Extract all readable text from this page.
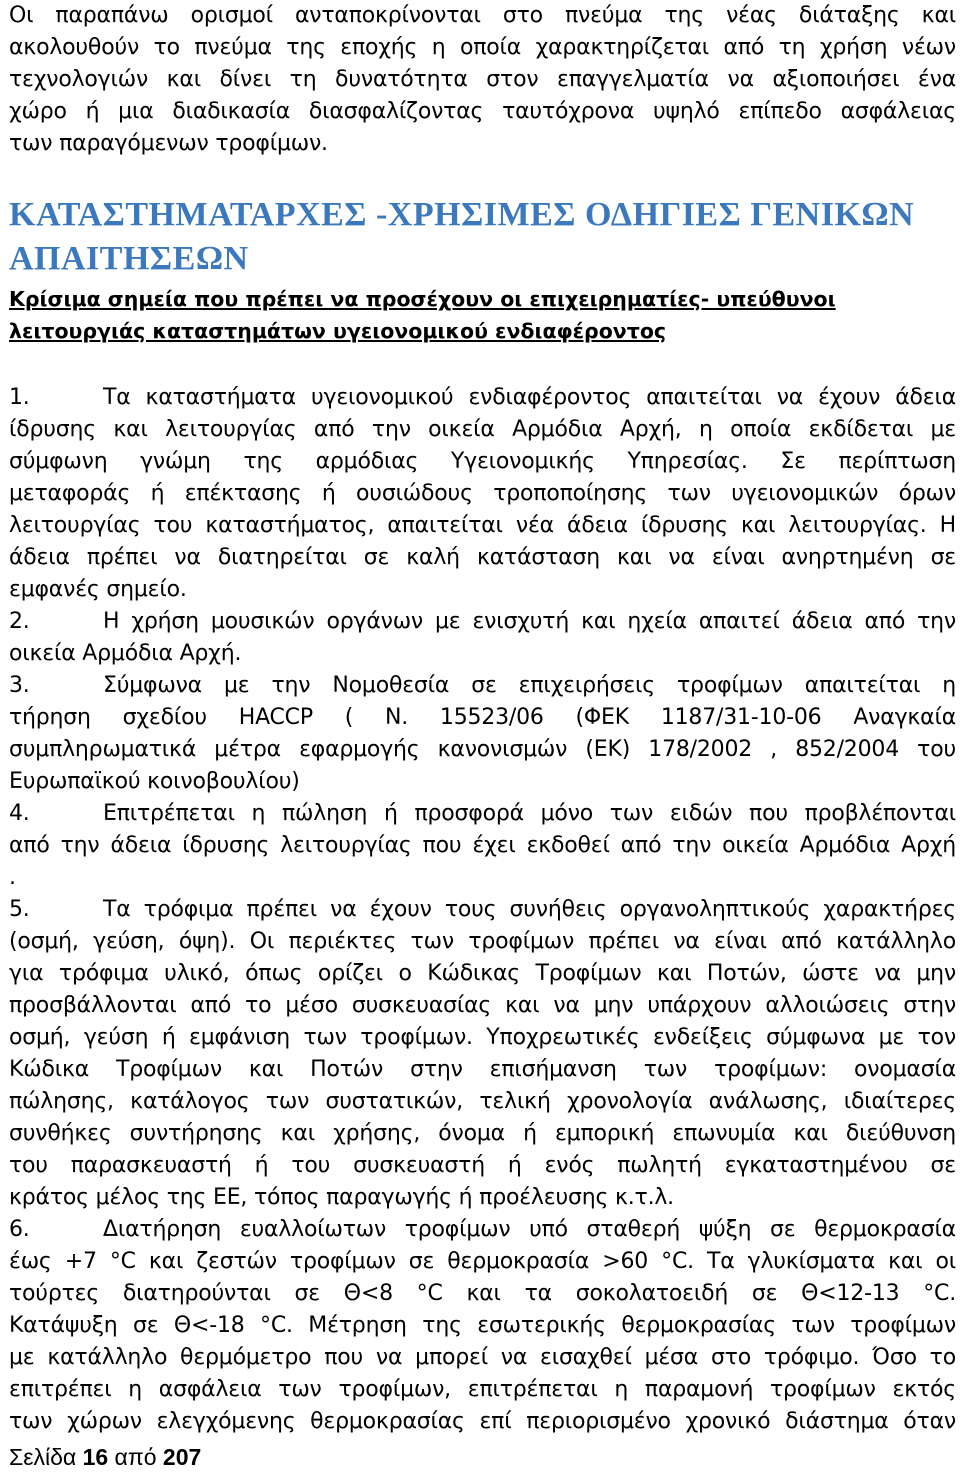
Οι παραπάνω ορισμοί ανταποκρίνονται στο πνεύμα της νέας διάταξης και
ακολουθούν το πνεύμα της εποχής η οποία χαρακτηρίζεται από τη χρήση νέων
τεχνολογιών και δίνει τη δυνατότητα στον επαγγελματία να αξιοποιήσει ένα
χώρο ή μια διαδικασία διασφαλίζοντας ταυτόχρονα υψηλό επίπεδο ασφάλειας
των παραγόμενων τροφίμων.
ΚΑΤΑΣΤΗΜΑΤΑΡΧΕΣ -ΧΡΗΣΙΜΕΣ ΟΔΗΓΙΕΣ ΓΕΝΙΚΩΝ
ΑΠΑΙΤΗΣΕΩΝ
Κρίσιμα σημεία που πρέπει να προσέχουν οι επιχειρηματίες- υπεύθυνοι
λειτουργιάς καταστημάτων υγειονομικού ενδιαφέροντος
1.	Τα καταστήματα υγειονομικού ενδιαφέροντος απαιτείται να έχουν άδεια
ίδρυσης και λειτουργίας από την οικεία Αρμόδια Αρχή, η οποία εκδίδεται με
σύμφωνη γνώμη της αρμόδιας Υγειονομικής Υπηρεσίας. Σε περίπτωση
μεταφοράς ή επέκτασης ή ουσιώδους τροποποίησης των υγειονομικών όρων
λειτουργίας του καταστήματος, απαιτείται νέα άδεια ίδρυσης και λειτουργίας. Η
άδεια πρέπει να διατηρείται σε καλή κατάσταση και να είναι ανηρτημένη σε
εμφανές σημείο.
2.	Η χρήση μουσικών οργάνων με ενισχυτή και ηχεία απαιτεί άδεια από την
οικεία Αρμόδια Αρχή.
3.	Σύμφωνα με την Νομοθεσία σε επιχειρήσεις τροφίμων απαιτείται η
τήρηση σχεδίου HACCP ( Ν. 15523/06 (ΦΕΚ 1187/31-10-06 Αναγκαία
συμπληρωματικά μέτρα εφαρμογής κανονισμών (ΕΚ) 178/2002 , 852/2004 του
Ευρωπαϊκού κοινοβουλίου)
4.	Επιτρέπεται η πώληση ή προσφορά μόνο των ειδών που προβλέπονται
από την άδεια ίδρυσης λειτουργίας που έχει εκδοθεί από την οικεία Αρμόδια Αρχή
.
5.	Τα τρόφιμα πρέπει να έχουν τους συνήθεις οργανοληπτικούς χαρακτήρες
(οσμή, γεύση, όψη). Οι περιέκτες των τροφίμων πρέπει να είναι από κατάλληλο
για τρόφιμα υλικό, όπως ορίζει ο Κώδικας Τροφίμων και Ποτών, ώστε να μην
προσβάλλονται από το μέσο συσκευασίας και να μην υπάρχουν αλλοιώσεις στην
οσμή, γεύση ή εμφάνιση των τροφίμων. Υποχρεωτικές ενδείξεις σύμφωνα με τον
Κώδικα Τροφίμων και Ποτών στην επισήμανση των τροφίμων: ονομασία
πώλησης, κατάλογος των συστατικών, τελική χρονολογία ανάλωσης, ιδιαίτερες
συνθήκες συντήρησης και χρήσης, όνομα ή εμπορική επωνυμία και διεύθυνση
του παρασκευαστή ή του συσκευαστή ή ενός πωλητή εγκαταστημένου σε
κράτος μέλος της ΕΕ, τόπος παραγωγής ή προέλευσης κ.τ.λ.
6.	Διατήρηση ευαλλοίωτων τροφίμων υπό σταθερή ψύξη σε θερμοκρασία
έως +7 °C και ζεστών τροφίμων σε θερμοκρασία >60 °C. Τα γλυκίσματα και οι
τούρτες διατηρούνται σε Θ<8 °C και τα σοκολατοειδή σε Θ<12-13 °C.
Κατάψυξη σε Θ<-18 °C. Μέτρηση της εσωτερικής θερμοκρασίας των τροφίμων
με κατάλληλο θερμόμετρο που να μπορεί να εισαχθεί μέσα στο τρόφιμο. Όσο το
επιτρέπει η ασφάλεια των τροφίμων, επιτρέπεται η παραμονή τροφίμων εκτός
των χώρων ελεγχόμενης θερμοκρασίας επί περιορισμένο χρονικό διάστημα όταν
Σελίδα 16 από 207
